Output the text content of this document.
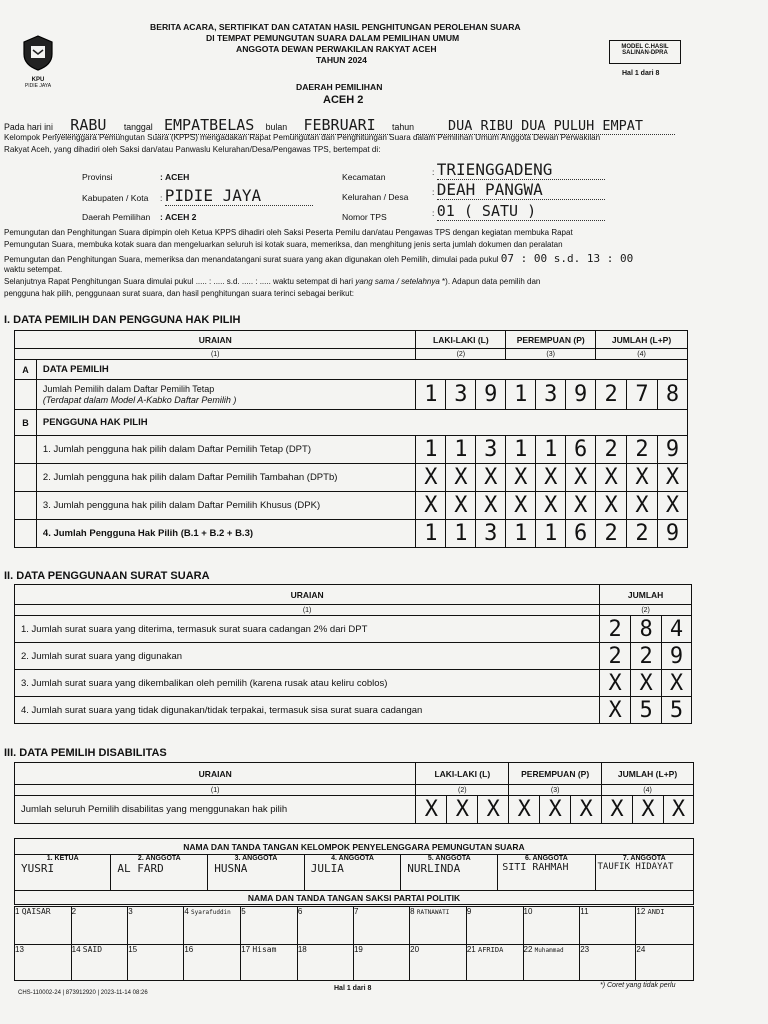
KPU
PIDIE JAYA
BERITA ACARA, SERTIFIKAT DAN CATATAN HASIL PENGHITUNGAN PEROLEHAN SUARA
DI TEMPAT PEMUNGUTAN SUARA DALAM PEMILIHAN UMUM
ANGGOTA DEWAN PERWAKILAN RAKYAT ACEH
TAHUN 2024
MODEL C.HASIL
SALINAN-DPRA
Hal 1 dari 8
DAERAH PEMILIHAN
ACEH 2
Pada hari ini RABU tanggal EMPATBELAS bulan FEBRUARI tahun	DUA RIBU DUA PULUH EMPAT
Kelompok Penyelenggara Pemungutan Suara (KPPS) mengadakan Rapat Pemungutan dan Penghitungan Suara dalam Pemilihan Umum Anggota Dewan Perwakilan
Rakyat Aceh, yang dihadiri oleh Saksi dan/atau Panwaslu Kelurahan/Desa/Pengawas TPS, bertempat di:
Provinsi	: ACEH
Kabupaten / Kota : PIDIE JAYA
Daerah Pemilihan : ACEH 2
Kecamatan	: TRIENGGADENG
Kelurahan / Desa	: DEAH PANGWA
Nomor TPS	: 01 ( SATU )
Pemungutan dan Penghitungan Suara dipimpin oleh Ketua KPPS dihadiri oleh Saksi Peserta Pemilu dan/atau Pengawas TPS dengan kegiatan membuka Rapat
Pemungutan Suara, membuka kotak suara dan mengeluarkan seluruh isi kotak suara, memeriksa, dan menghitung jenis serta jumlah dokumen dan peralatan
Pemungutan dan Penghitungan Suara, memeriksa dan menandatangani surat suara yang akan digunakan oleh Pemilih, dimulai pada pukul 07 : 00 s.d. 13 : 00
waktu setempat.
Selanjutnya Rapat Penghitungan Suara dimulai pukul ..... : ..... s.d. ..... : ..... waktu setempat di hari yang sama / setelahnya *). Adapun data pemilih dan
pengguna hak pilih, penggunaan surat suara, dan hasil penghitungan suara terinci sebagai berikut:
I. DATA PEMILIH DAN PENGGUNA HAK PILIH
URAIAN		LAKI-LAKI (L)			PEREMPUAN (P)			JUMLAH (L+P)		
(1)		(2)			(3)			(4)		
A	DATA PEMILIH									

	Jumlah Pemilih dalam Daftar Pemilih Tetap
(Terdapat dalam Model A-Kabko Daftar Pemilih )	1	3	9	1	3	9	2	7	8
B	PENGGUNA HAK PILIH									
	1. Jumlah pengguna hak pilih dalam Daftar Pemilih Tetap (DPT)	1	1	3	1	1	6	2	2	9
	2. Jumlah pengguna hak pilih dalam Daftar Pemilih Tambahan (DPTb)	X	X	X	X	X	X	X	X	X
	3. Jumlah pengguna hak pilih dalam Daftar Pemilih Khusus (DPK)	X	X	X	X	X	X	X	X	X
	4. Jumlah Pengguna Hak Pilih (B.1 + B.2 + B.3)	1	1	3	1	1	6	2	2	9
II. DATA PENGGUNAAN SURAT SUARA
URAIAN	JUMLAH		
(1)	(2)		
1. Jumlah surat suara yang diterima, termasuk surat suara cadangan 2% dari DPT	2	8	4
2. Jumlah surat suara yang digunakan	2	2	9
3. Jumlah surat suara yang dikembalikan oleh pemilih (karena rusak atau keliru coblos)	X	X	X
4. Jumlah surat suara yang tidak digunakan/tidak terpakai, termasuk sisa surat suara cadangan	X	5	5
III. DATA PEMILIH DISABILITAS
URAIAN	LAKI-LAKI (L)			PEREMPUAN (P)			JUMLAH (L+P)		
(1)	(2)			(3)			(4)		
Jumlah seluruh Pemilih disabilitas yang menggunakan hak pilih	X	X	X	X	X	X	X	X	X
NAMA DAN TANDA TANGAN KELOMPOK PENYELENGGARA PEMUNGUTAN SUARA

1. KETUA
YUSRI

2. ANGGOTA
AL FARD

3. ANGGOTA
HUSNA

4. ANGGOTA
JULIA

5. ANGGOTA
NURLINDA

6. ANGGOTA
SITI RAHMAH

7. ANGGOTA
TAUFIK HIDAYAT

NAMA DAN TANDA TANGAN SAKSI PARTAI POLITIK
1 QAISAR	2	3	4 Syarafuddin	5	6	7	8 RATNAWATI	9	10	11	12 ANDI
13	14 SAID	15	16	17 Hisam	18	19	20	21 AFRIDA	22 Muhammad	23	24
CHS-110002-24 | 873912920 | 2023-11-14 08:26
Hal 1 dari 8	*) Coret yang tidak perlu
